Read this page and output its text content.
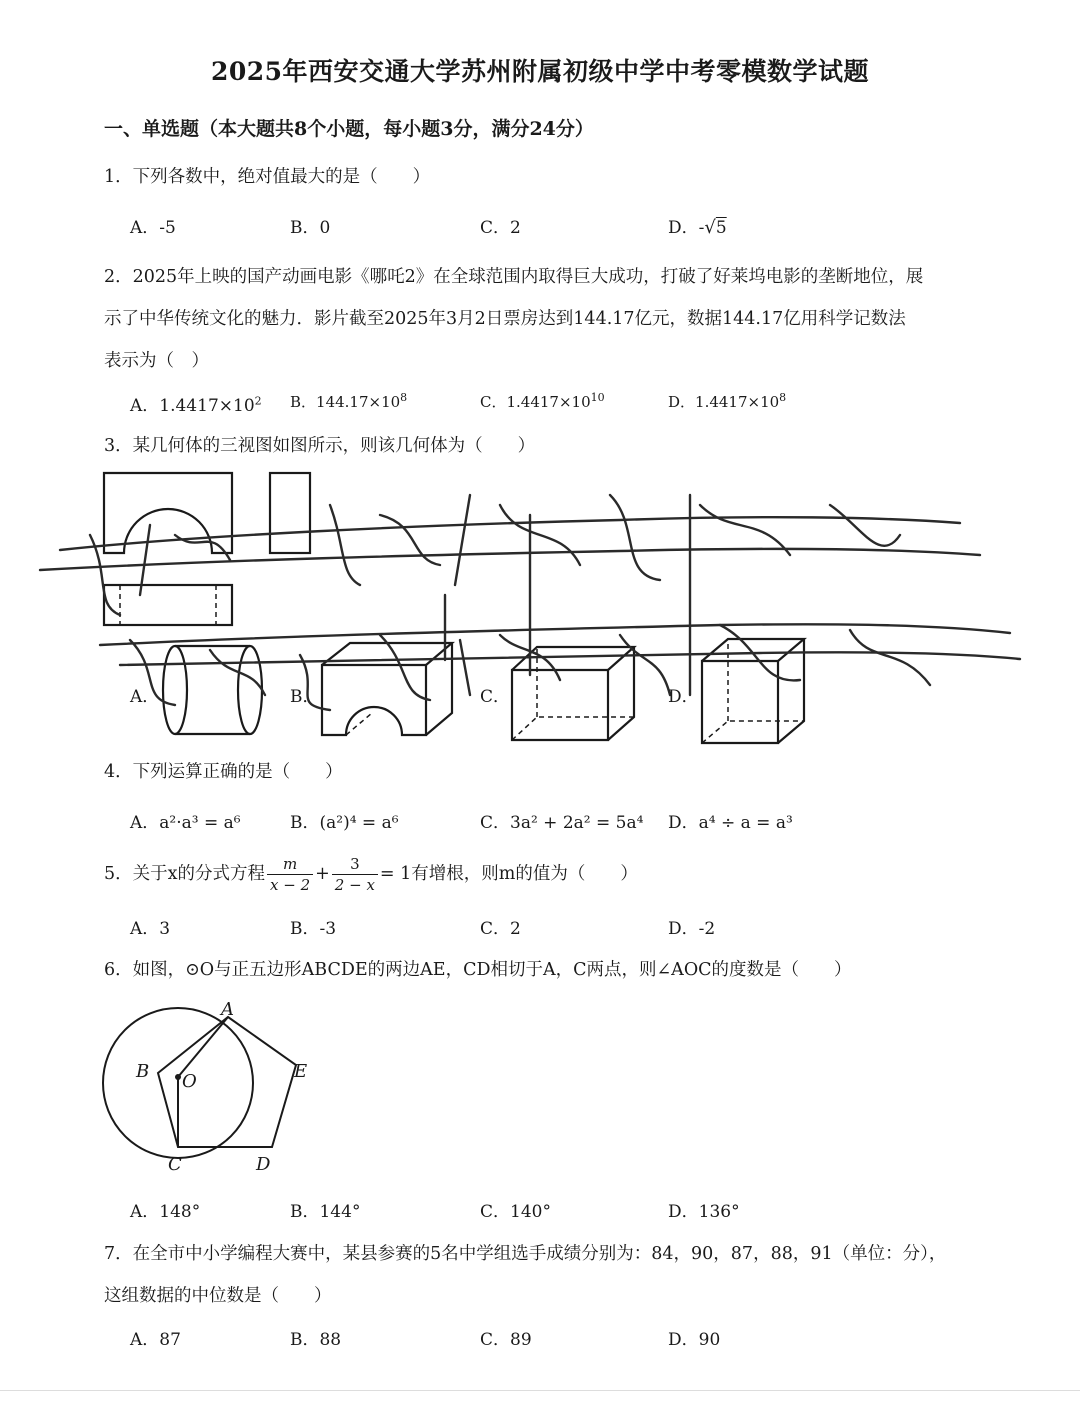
2025年西安交通大学苏州附属初级中学中考零模数学试题
一、单选题（本大题共8个小题，每小题3分，满分24分）
1．下列各数中，绝对值最大的是（　　）
A．-5	B．0	C．2	D．-√5
2．2025年上映的国产动画电影《哪吒2》在全球范围内取得巨大成功，打破了好莱坞电影的垄断地位，展
示了中华传统文化的魅力．影片截至2025年3月2日票房达到144.17亿元，数据144.17亿用科学记数法
表示为（　）
A．$1.4417\times 10^2$ B．$144.17\times 10^8$	C．$1.4417\times 10^{10}$	D．$1.4417\times 10^8$
3．某几何体的三视图如图所示，则该几何体为（　　）
A．	B．	C．	D．
4．下列运算正确的是（　　）
A．a²·a³ = a⁶	B．(a²)⁴ = a⁶	C．3a² + 2a² = 5a⁴ D．a⁴ ÷ a = a³
5．关于x的分式方程 $\frac{m}{x - 2} + \frac{3}{2 - x} = 1$有增根，则m的值为（　　）
A．3	B．-3	C．2	D．-2
6．如图，⊙O与正五边形ABCDE的两边AE，CD相切于A，C两点，则∠AOC的度数是（　　）
A
B O	E
C	D
A．148°	B．144°	C．140°	D．136°
7．在全市中小学编程大赛中，某县参赛的5名中学组选手成绩分别为：84，90，87，88，91（单位：分），
这组数据的中位数是（　　）
A．87	B．88	C．89	D．90
